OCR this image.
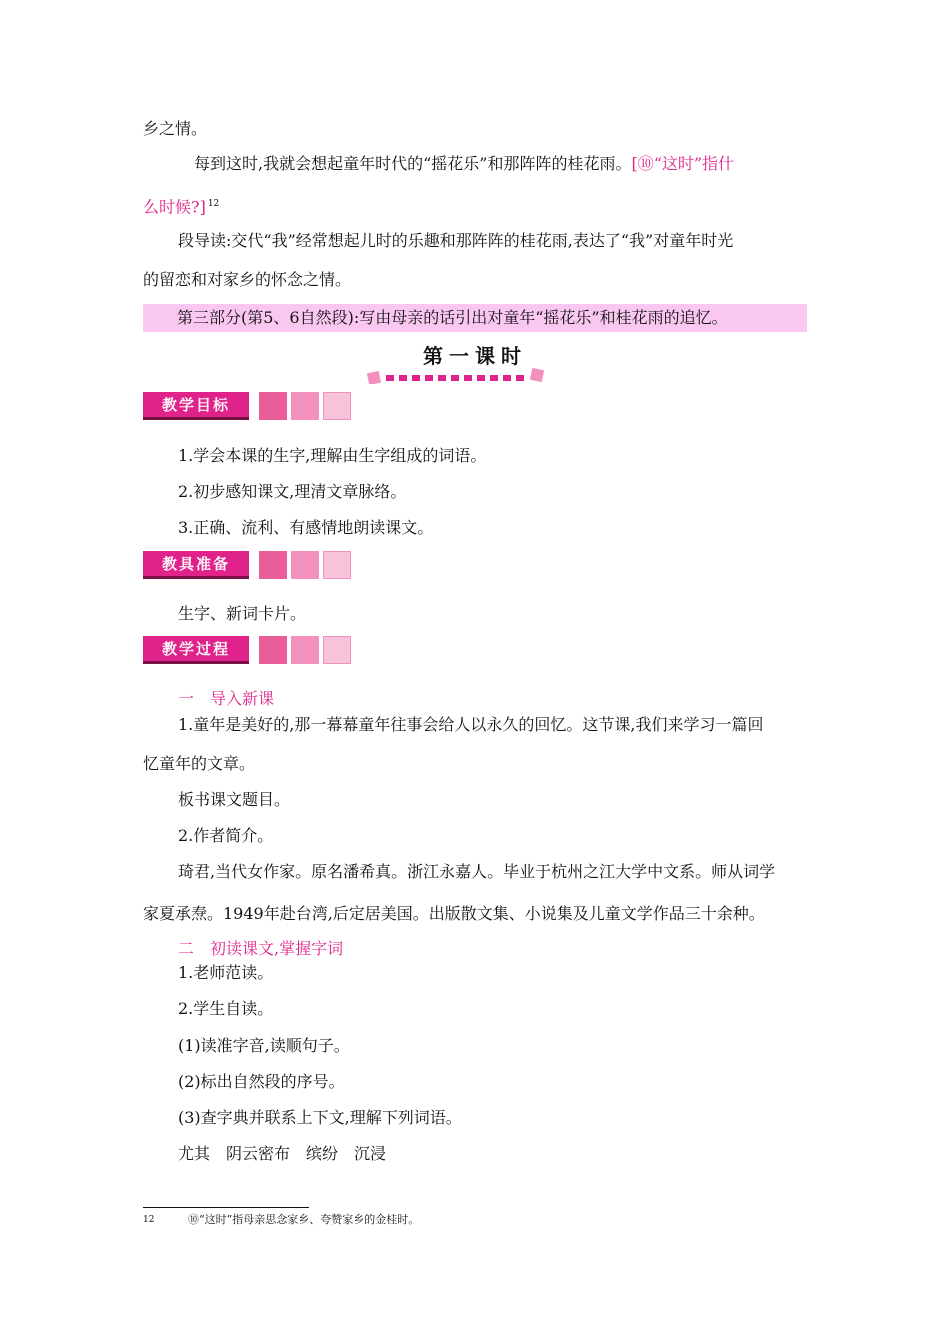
乡之情。
每到这时,我就会想起童年时代的“摇花乐”和那阵阵的桂花雨。[⑩“这时”指什
么时候?] $^{12}$
段导读:交代“我”经常想起儿时的乐趣和那阵阵的桂花雨,表达了“我”对童年时光
的留恋和对家乡的怀念之情。
第三部分(第5、6自然段):写由母亲的话引出对童年“摇花乐”和桂花雨的追忆。
第一课时
教学目标
1.学会本课的生字,理解由生字组成的词语。
2.初步感知课文,理清文章脉络。
3.正确、流利、有感情地朗读课文。
教具准备
生字、新词卡片。
教学过程
一　导入新课
1.童年是美好的,那一幕幕童年往事会给人以永久的回忆。这节课,我们来学习一篇回
忆童年的文章。
板书课文题目。
2.作者简介。
琦君,当代女作家。原名潘希真。浙江永嘉人。毕业于杭州之江大学中文系。师从词学
家夏承焘。1949年赴台湾,后定居美国。出版散文集、小说集及儿童文学作品三十余种。
二　初读课文,掌握字词
1.老师范读。
2.学生自读。
(1)读准字音,读顺句子。
(2)标出自然段的序号。
(3)查字典并联系上下文,理解下列词语。
尤其　阴云密布　缤纷　沉浸
12	⑩“这时”指母亲思念家乡、夸赞家乡的金桂时。
